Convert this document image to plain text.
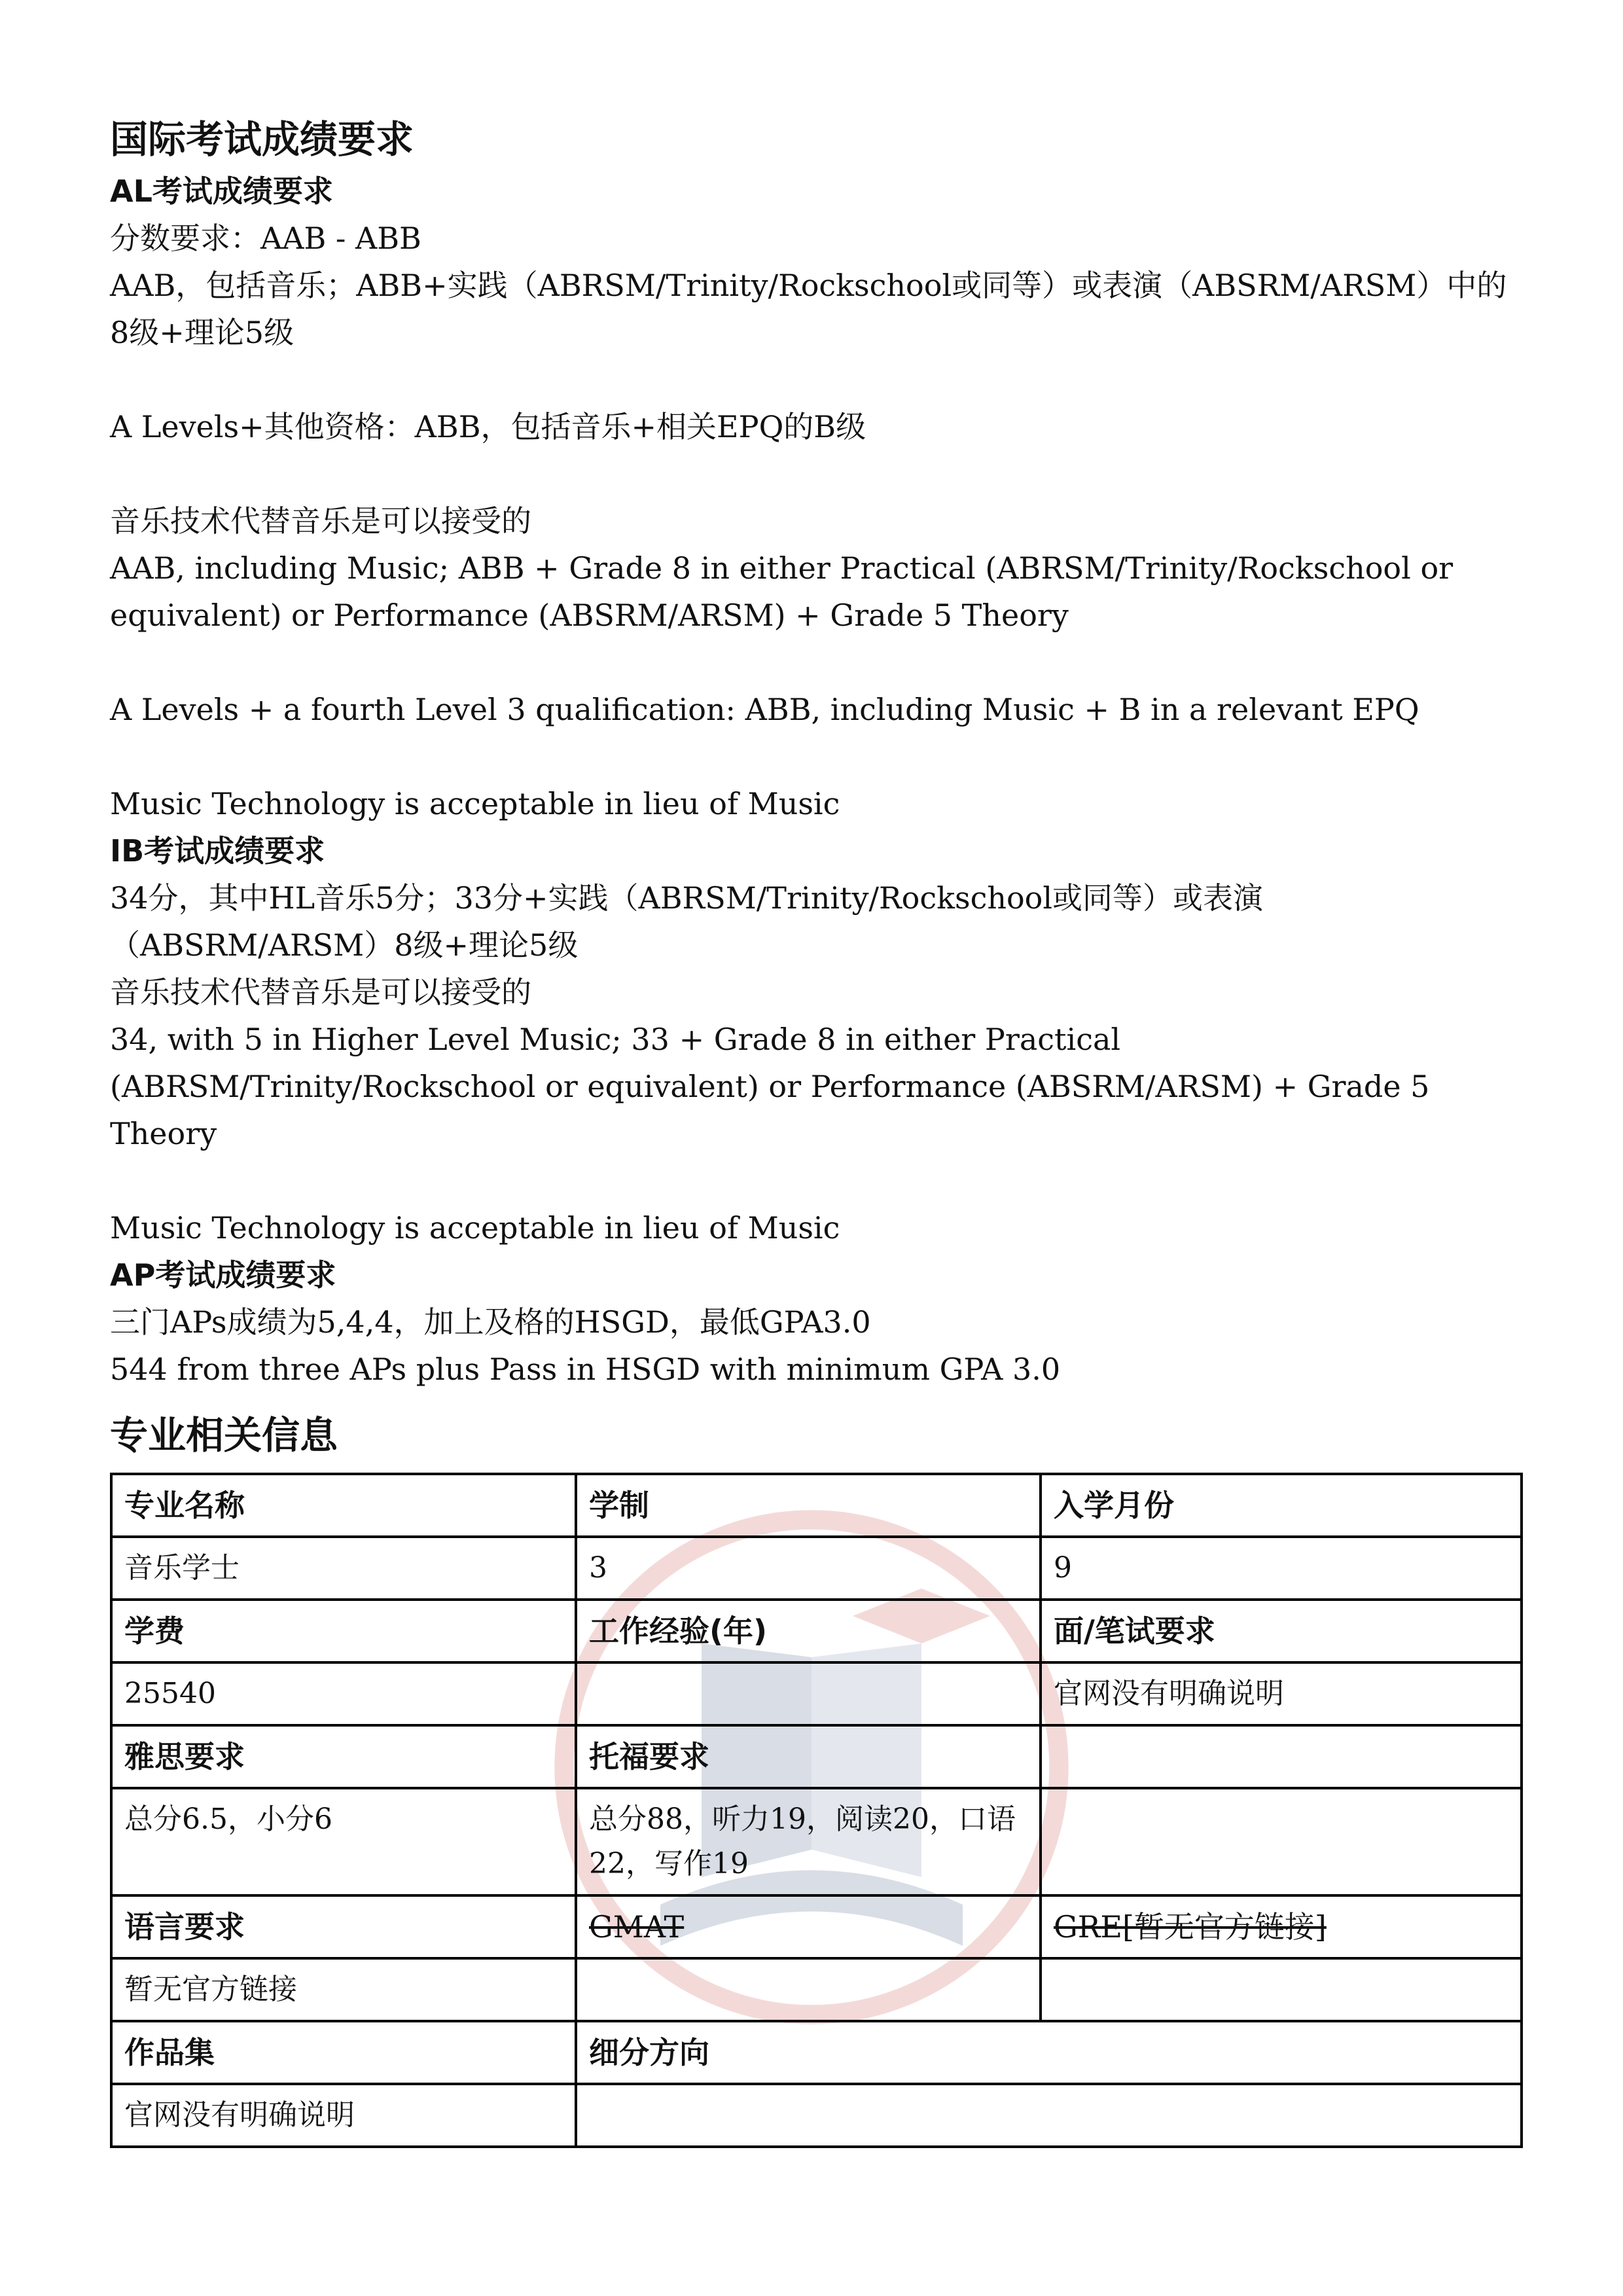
国际考试成绩要求

AL考试成绩要求

分数要求：AAB - ABB

AAB，包括音乐；ABB+实践（ABRSM/Trinity/Rockschool或同等）或表演（ABSRM/ARSM）中的8级+理论5级

A Levels+其他资格：ABB，包括音乐+相关EPQ的B级

音乐技术代替音乐是可以接受的

AAB, including Music; ABB + Grade 8 in either Practical (ABRSM/Trinity/Rockschool or equivalent) or Performance (ABSRM/ARSM) + Grade 5 Theory

A Levels + a fourth Level 3 qualification: ABB, including Music + B in a relevant EPQ

Music Technology is acceptable in lieu of Music

IB考试成绩要求

34分，其中HL音乐5分；33分+实践（ABRSM/Trinity/Rockschool或同等）或表演（ABSRM/ARSM）8级+理论5级

音乐技术代替音乐是可以接受的

34, with 5 in Higher Level Music; 33 + Grade 8 in either Practical (ABRSM/Trinity/Rockschool or equivalent) or Performance (ABSRM/ARSM) + Grade 5 Theory

Music Technology is acceptable in lieu of Music

AP考试成绩要求

三门APs成绩为5,4,4，加上及格的HSGD，最低GPA3.0

544 from three APs plus Pass in HSGD with minimum GPA 3.0

专业相关信息

专业名称	学制	入学月份
音乐学士	3	9
学费	工作经验(年)	面/笔试要求
25540		官网没有明确说明
雅思要求	托福要求	
总分6.5，小分6	总分88，听力19，阅读20，口语22，写作19	
语言要求	GMAT	GRE[暂无官方链接]
暂无官方链接		
作品集	细分方向	
官网没有明确说明		
